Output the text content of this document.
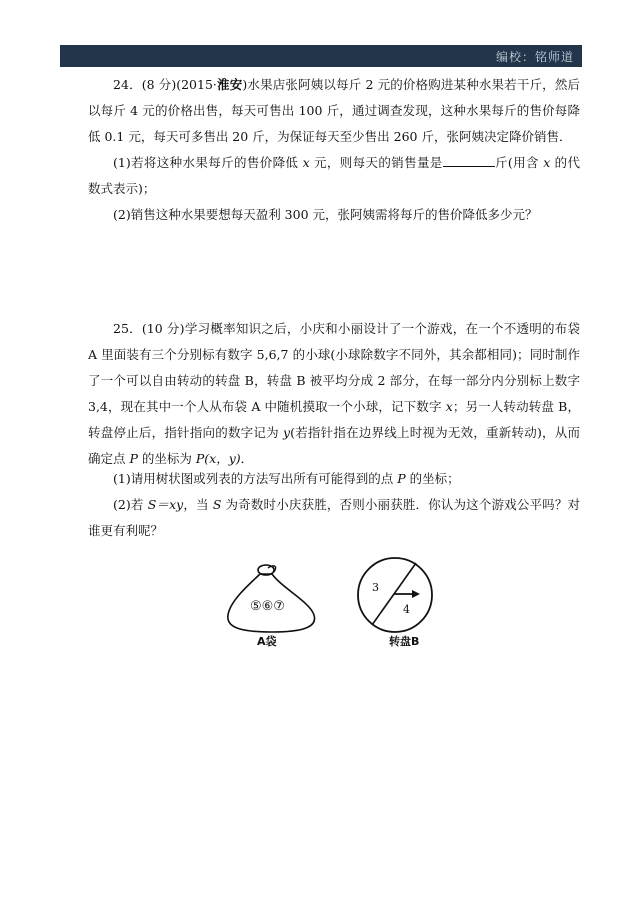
编校：铭师道

24．(8 分)(2015·淮安)水果店张阿姨以每斤 2 元的价格购进某种水果若干斤，然后以每斤 4 元的价格出售，每天可售出 100 斤，通过调查发现，这种水果每斤的售价每降低 0.1 元，每天可多售出 20 斤，为保证每天至少售出 260 斤，张阿姨决定降价销售．

(1)若将这种水果每斤的售价降低 x 元，则每天的销售量是	斤(用含 x 的代数式表示)；

(2)销售这种水果要想每天盈利 300 元，张阿姨需将每斤的售价降低多少元？

25．(10 分)学习概率知识之后，小庆和小丽设计了一个游戏，在一个不透明的布袋 A 里面装有三个分别标有数字 5,6,7 的小球(小球除数字不同外，其余都相同)；同时制作了一个可以自由转动的转盘 B，转盘 B 被平均分成 2 部分，在每一部分内分别标上数字 3,4，现在其中一个人从布袋 A 中随机摸取一个小球，记下数字 x；另一人转动转盘 B，转盘停止后，指针指向的数字记为 y(若指针指在边界线上时视为无效，重新转动)，从而确定点 P 的坐标为 P(x，y)．

(1)请用树状图或列表的方法写出所有可能得到的点 P 的坐标；

(2)若 S＝xy，当 S 为奇数时小庆获胜，否则小丽获胜．你认为这个游戏公平吗？对谁更有利呢？

⑤⑥⑦
A袋
3
4
转盘B
